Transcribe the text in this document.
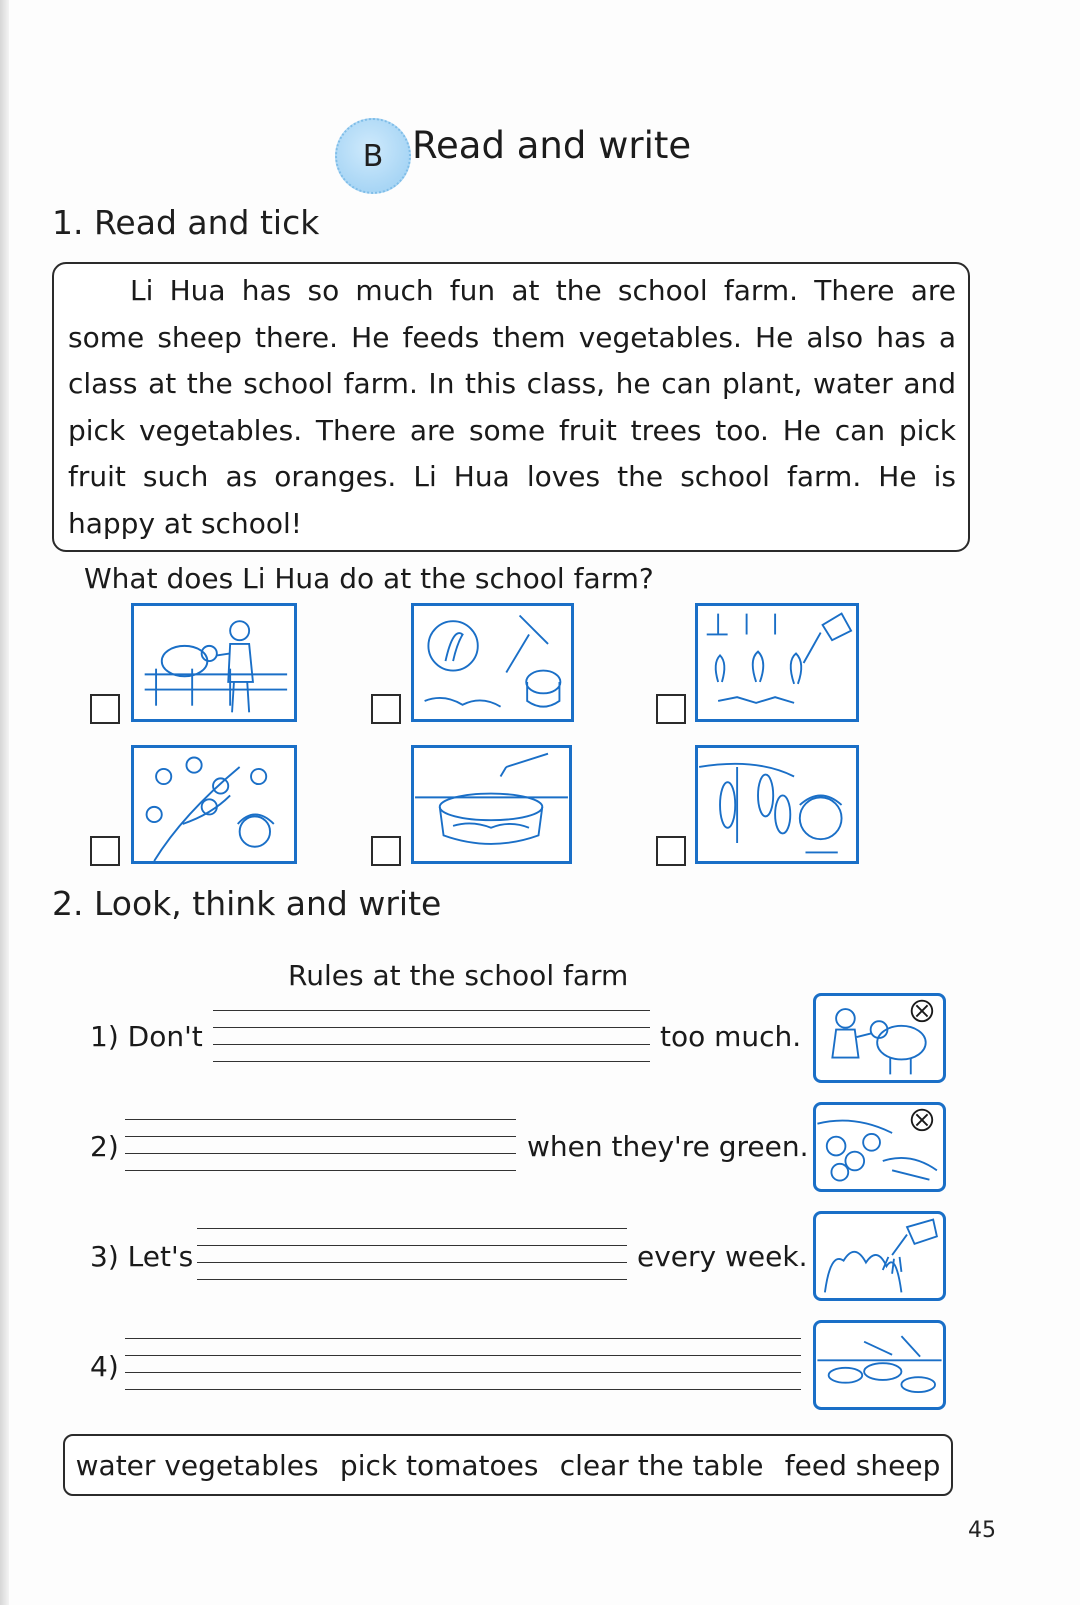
B Read and write
1. Read and tick
Li Hua has so much fun at the school farm. There are some sheep there. He feeds them vegetables. He also has a class at the school farm. In this class, he can plant, water and pick vegetables. There are some fruit trees too. He can pick fruit such as oranges. Li Hua loves the school farm. He is happy at school!
What does Li Hua do at the school farm?
2. Look, think and write
Rules at the school farm
1) Don't	too much.
2)	when they're green.
3) Let's	every week.
4)
water vegetables pick tomatoes clear the table feed sheep
45
